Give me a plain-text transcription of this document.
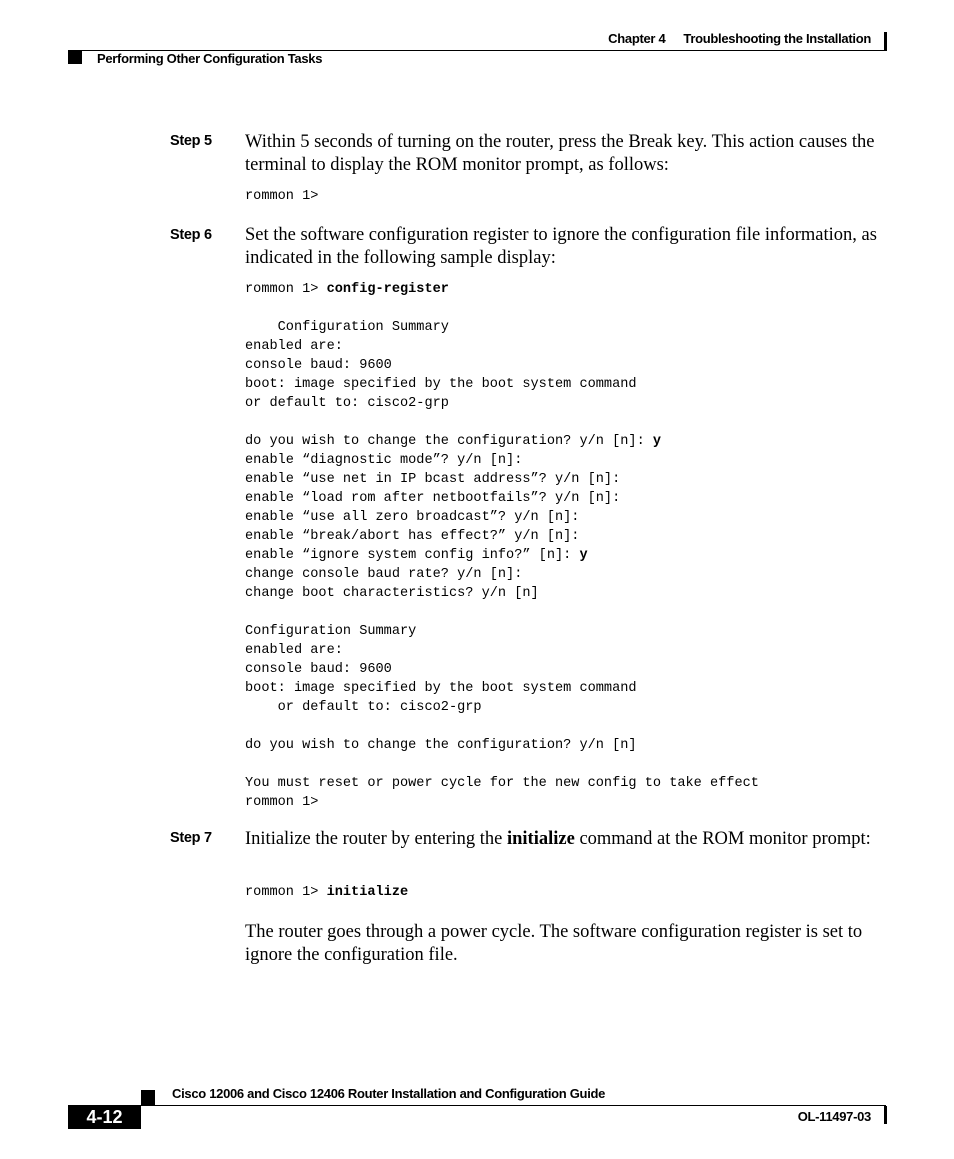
Chapter 4 Troubleshooting the Installation
Performing Other Configuration Tasks
Step 5 Within 5 seconds of turning on the router, press the Break key. This action causes the terminal to display the ROM monitor prompt, as follows:
rommon 1>
Step 6 Set the software configuration register to ignore the configuration file information, as indicated in the following sample display:
rommon 1> config-register

Configuration Summary
enabled are:
console baud: 9600
boot: image specified by the boot system command
or default to: cisco2-grp

do you wish to change the configuration? y/n [n]: y
enable “diagnostic mode”? y/n [n]:
enable “use net in IP bcast address”? y/n [n]:
enable “load rom after netbootfails”? y/n [n]:
enable “use all zero broadcast”? y/n [n]:
enable “break/abort has effect?” y/n [n]:
enable “ignore system config info?” [n]: y
change console baud rate? y/n [n]:
change boot characteristics? y/n [n]

Configuration Summary
enabled are:
console baud: 9600
boot: image specified by the boot system command
or default to: cisco2-grp

do you wish to change the configuration? y/n [n]

You must reset or power cycle for the new config to take effect
rommon 1>
Step 7 Initialize the router by entering the initialize command at the ROM monitor prompt:
rommon 1> initialize
The router goes through a power cycle. The software configuration register is set to ignore the configuration file.
Cisco 12006 and Cisco 12406 Router Installation and Configuration Guide
4-12	OL-11497-03
